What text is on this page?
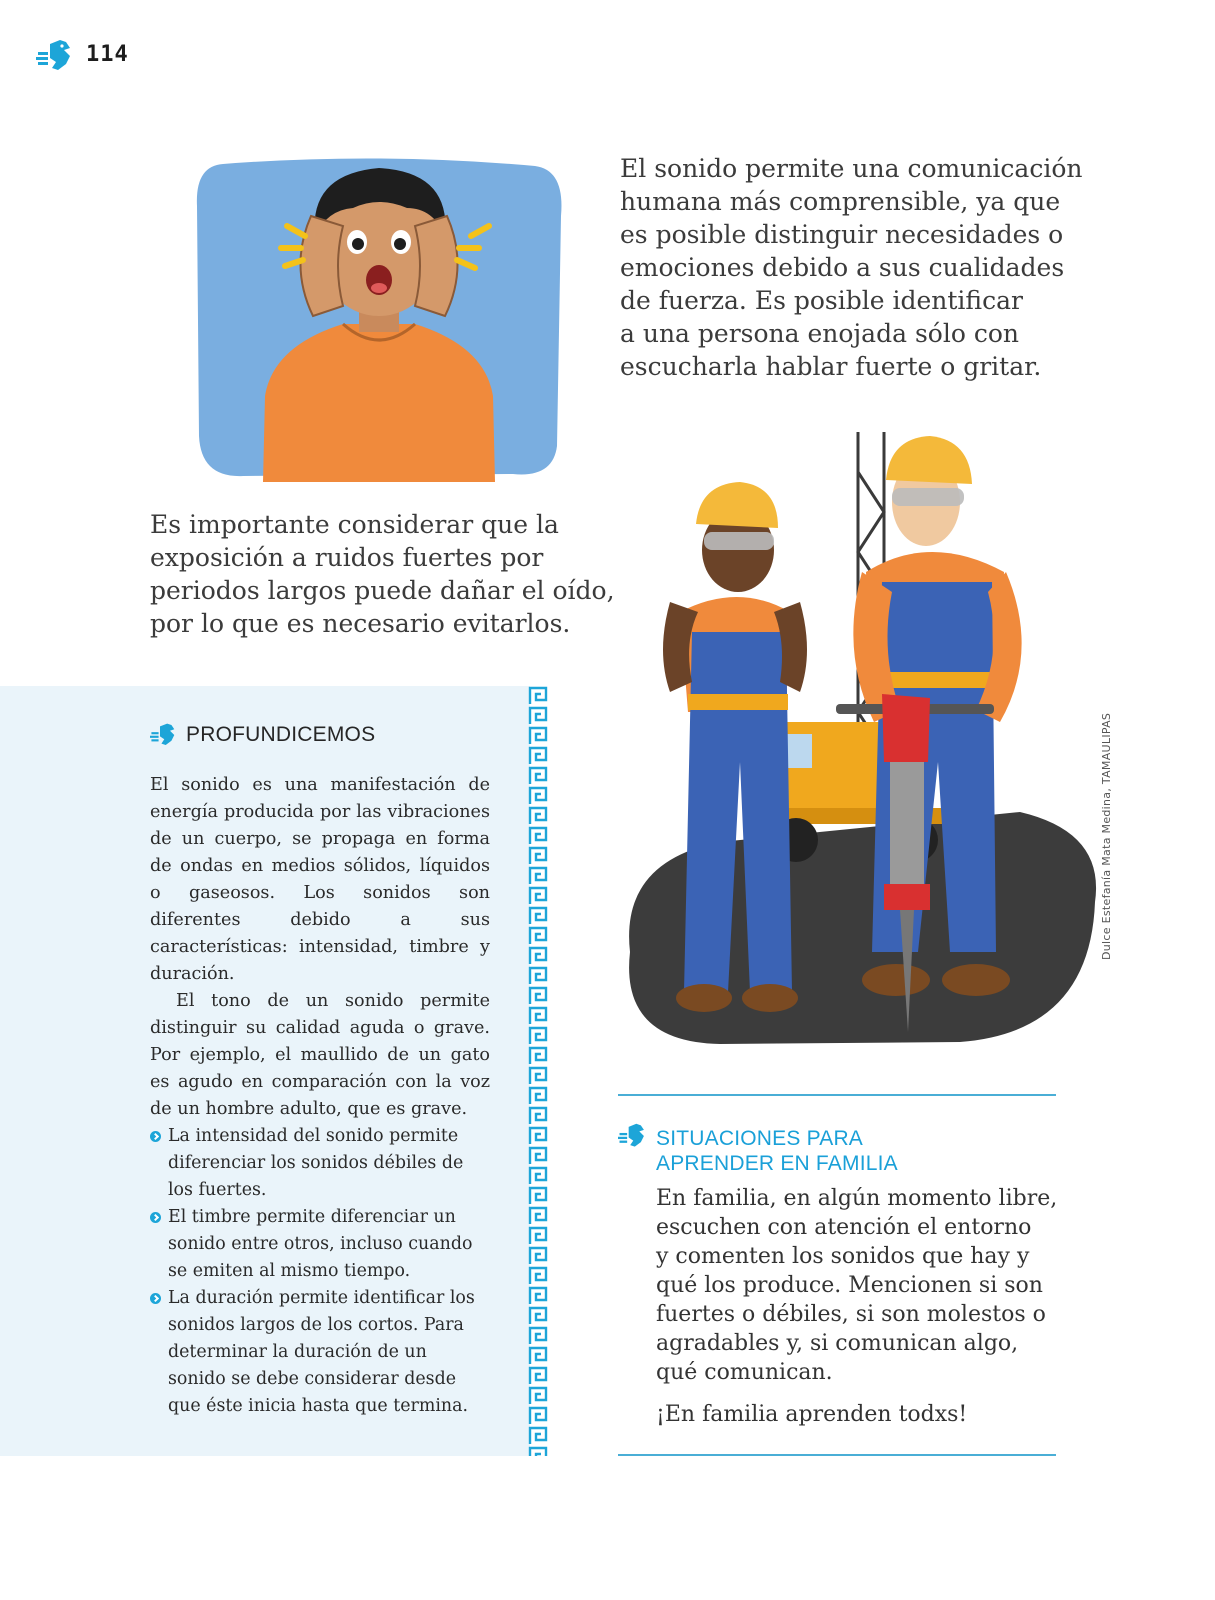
114
El sonido permite una comunicación
humana más comprensible, ya que
es posible distinguir necesidades o
emociones debido a sus cualidades
de fuerza. Es posible identificar
a una persona enojada sólo con
escucharla hablar fuerte o gritar.
Es importante considerar que la
exposición a ruidos fuertes por
periodos largos puede dañar el oído,
por lo que es necesario evitarlos.
Dulce Estefanía Mata Medina, TAMAULIPAS
PROFUNDICEMOS

El sonido es una manifestación de energía producida por las vibraciones de un cuerpo, se propaga en forma de ondas en medios sólidos, líquidos o gaseosos. Los sonidos son diferentes debido a sus características: intensidad, timbre y duración.

El tono de un sonido permite distinguir su calidad aguda o grave. Por ejemplo, el maullido de un gato es agudo en comparación con la voz de un hombre adulto, que es grave.

La intensidad del sonido permite diferenciar los sonidos débiles de los fuertes.
El timbre permite diferenciar un sonido entre otros, incluso cuando se emiten al mismo tiempo.
La duración permite identificar los sonidos largos de los cortos. Para determinar la duración de un sonido se debe considerar desde que éste inicia hasta que termina.
SITUACIONES PARA
APRENDER EN FAMILIA
En familia, en algún momento libre,
escuchen con atención el entorno
y comenten los sonidos que hay y
qué los produce. Mencionen si son
fuertes o débiles, si son molestos o
agradables y, si comunican algo,
qué comunican.
¡En familia aprenden todxs!
